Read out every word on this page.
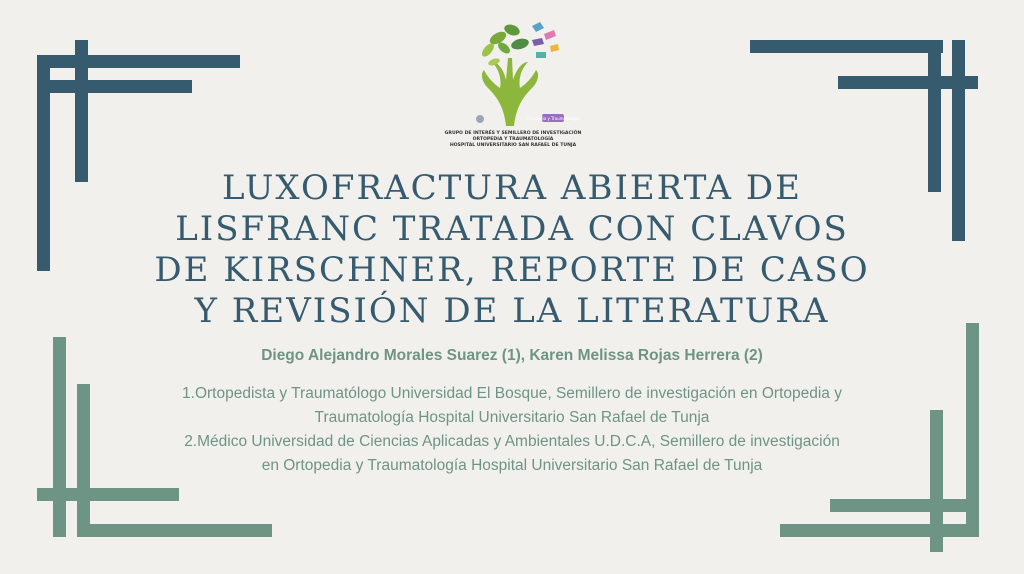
Ortopedia y Traumatología
GRUPO DE INTERÉS Y SEMILLERO DE INVESTIGACIÓN
ORTOPEDIA Y TRAUMATOLOGÍA
HOSPITAL UNIVERSITARIO SAN RAFAEL DE TUNJA
LUXOFRACTURA ABIERTA DE
LISFRANC TRATADA CON CLAVOS
DE KIRSCHNER, REPORTE DE CASO
Y REVISIÓN DE LA LITERATURA

Diego Alejandro Morales Suarez (1), Karen Melissa Rojas Herrera (2)

1.Ortopedista y Traumatólogo Universidad El Bosque, Semillero de investigación en Ortopedia y
Traumatología Hospital Universitario San Rafael de Tunja
2.Médico Universidad de Ciencias Aplicadas y Ambientales U.D.C.A, Semillero de investigación
en Ortopedia y Traumatología Hospital Universitario San Rafael de Tunja
